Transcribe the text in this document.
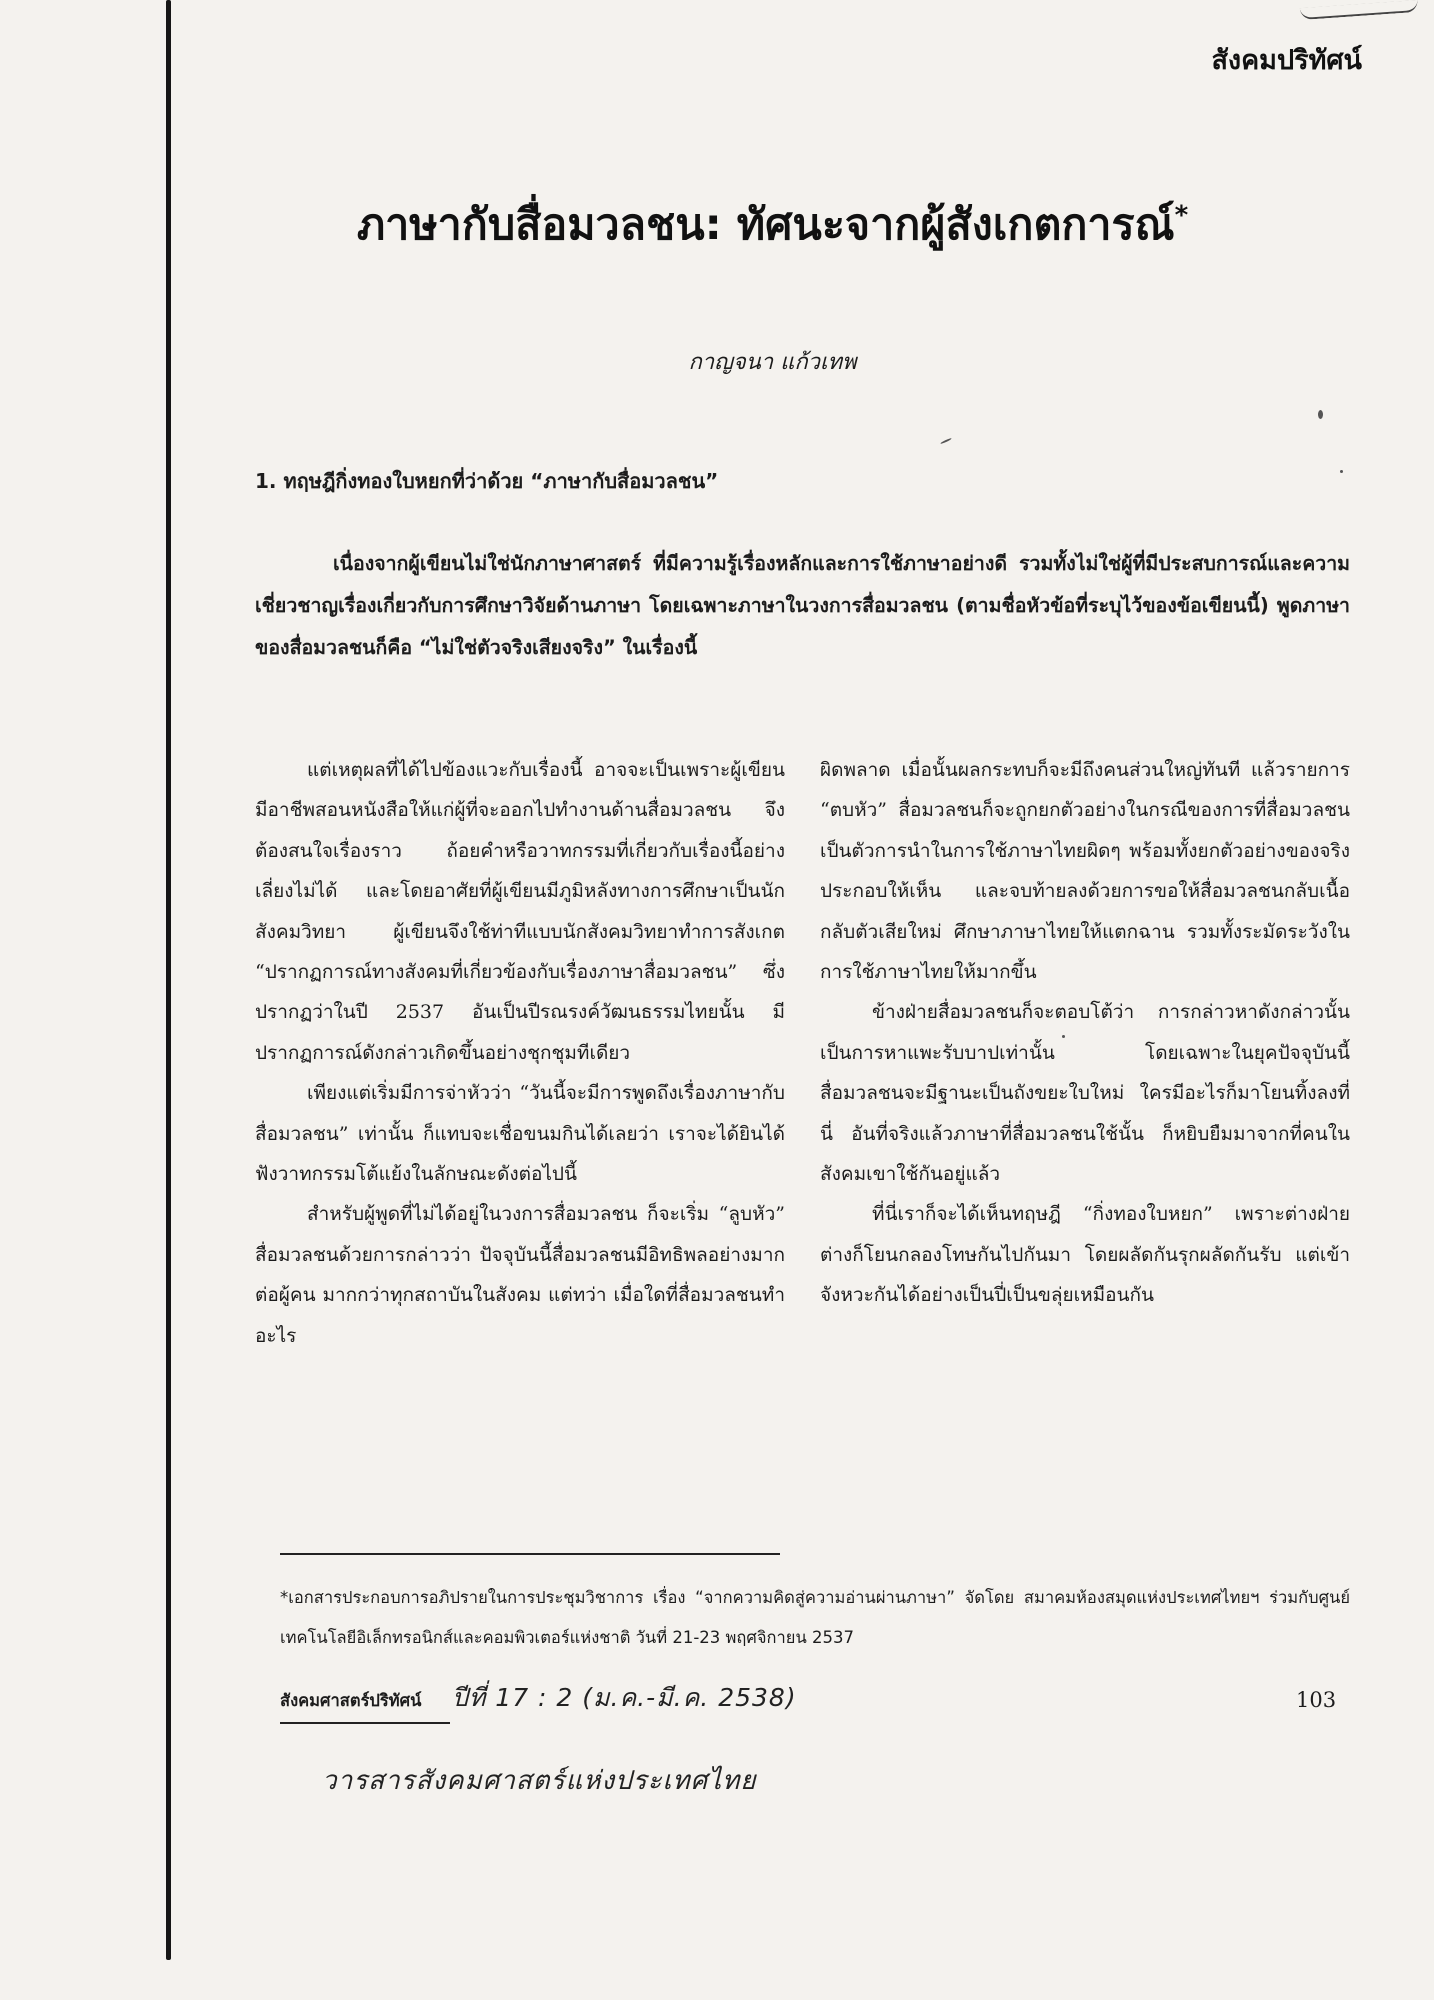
สังคมปริทัศน์
ภาษากับสื่อมวลชน: ทัศนะจากผู้สังเกตการณ์*
กาญจนา แก้วเทพ
1. ทฤษฎีกิ่งทองใบหยกที่ว่าด้วย “ภาษากับสื่อมวลชน”

เนื่องจากผู้เขียนไม่ใช่นักภาษาศาสตร์ ที่มีความรู้เรื่องหลักและการใช้ภาษาอย่างดี รวมทั้งไม่ใช่ผู้ที่มีประสบการณ์และความเชี่ยวชาญเรื่องเกี่ยวกับการศึกษาวิจัยด้านภาษา โดยเฉพาะภาษาในวงการสื่อมวลชน (ตามชื่อหัวข้อที่ระบุไว้ของข้อเขียนนี้) พูดภาษาของสื่อมวลชนก็คือ “ไม่ใช่ตัวจริงเสียงจริง” ในเรื่องนี้

แต่เหตุผลที่ได้ไปข้องแวะกับเรื่องนี้ อาจจะเป็นเพราะผู้เขียนมีอาชีพสอนหนังสือให้แก่ผู้ที่จะออกไปทำงานด้านสื่อมวลชน จึงต้องสนใจเรื่องราว ถ้อยคำหรือวาทกรรมที่เกี่ยวกับเรื่องนี้อย่างเลี่ยงไม่ได้ และโดยอาศัยที่ผู้เขียนมีภูมิหลังทางการศึกษาเป็นนักสังคมวิทยา ผู้เขียนจึงใช้ท่าทีแบบนักสังคมวิทยาทำการสังเกต “ปรากฏการณ์ทางสังคมที่เกี่ยวข้องกับเรื่องภาษาสื่อมวลชน” ซึ่งปรากฏว่าในปี 2537 อันเป็นปีรณรงค์วัฒนธรรมไทยนั้น มีปรากฏการณ์ดังกล่าวเกิดขึ้นอย่างชุกชุมทีเดียว

เพียงแต่เริ่มมีการจ่าหัวว่า “วันนี้จะมีการพูดถึงเรื่องภาษากับสื่อมวลชน” เท่านั้น ก็แทบจะเชื่อขนมกินได้เลยว่า เราจะได้ยินได้ฟังวาทกรรมโต้แย้งในลักษณะดังต่อไปนี้

สำหรับผู้พูดที่ไม่ได้อยู่ในวงการสื่อมวลชน ก็จะเริ่ม “ลูบหัว” สื่อมวลชนด้วยการกล่าวว่า ปัจจุบันนี้สื่อมวลชนมีอิทธิพลอย่างมากต่อผู้คน มากกว่าทุกสถาบันในสังคม แต่ทว่า เมื่อใดที่สื่อมวลชนทำอะไร

ผิดพลาด เมื่อนั้นผลกระทบก็จะมีถึงคนส่วนใหญ่ทันที แล้วรายการ “ตบหัว” สื่อมวลชนก็จะถูกยกตัวอย่างในกรณีของการที่สื่อมวลชนเป็นตัวการนำในการใช้ภาษาไทยผิดๆ พร้อมทั้งยกตัวอย่างของจริงประกอบให้เห็น และจบท้ายลงด้วยการขอให้สื่อมวลชนกลับเนื้อกลับตัวเสียใหม่ ศึกษาภาษาไทยให้แตกฉาน รวมทั้งระมัดระวังในการใช้ภาษาไทยให้มากขึ้น

ข้างฝ่ายสื่อมวลชนก็จะตอบโต้ว่า การกล่าวหาดังกล่าวนั้นเป็นการหาแพะรับบาปเท่านั้น โดยเฉพาะในยุคปัจจุบันนี้ สื่อมวลชนจะมีฐานะเป็นถังขยะใบใหม่ ใครมีอะไรก็มาโยนทิ้งลงที่นี่ อันที่จริงแล้วภาษาที่สื่อมวลชนใช้นั้น ก็หยิบยืมมาจากที่คนในสังคมเขาใช้กันอยู่แล้ว

ที่นี่เราก็จะได้เห็นทฤษฎี “กิ่งทองใบหยก” เพราะต่างฝ่ายต่างก็โยนกลองโทษกันไปกันมา โดยผลัดกันรุกผลัดกันรับ แต่เข้าจังหวะกันได้อย่างเป็นปี่เป็นขลุ่ยเหมือนกัน

*เอกสารประกอบการอภิปรายในการประชุมวิชาการ เรื่อง “จากความคิดสู่ความอ่านผ่านภาษา” จัดโดย สมาคมห้องสมุดแห่งประเทศไทยฯ ร่วมกับศูนย์เทคโนโลยีอิเล็กทรอนิกส์และคอมพิวเตอร์แห่งชาติ วันที่ 21-23 พฤศจิกายน 2537

สังคมศาสตร์ปริทัศน์ ปีที่ 17 : 2 (ม.ค.-มี.ค. 2538)	103
วารสารสังคมศาสตร์แห่งประเทศไทย
